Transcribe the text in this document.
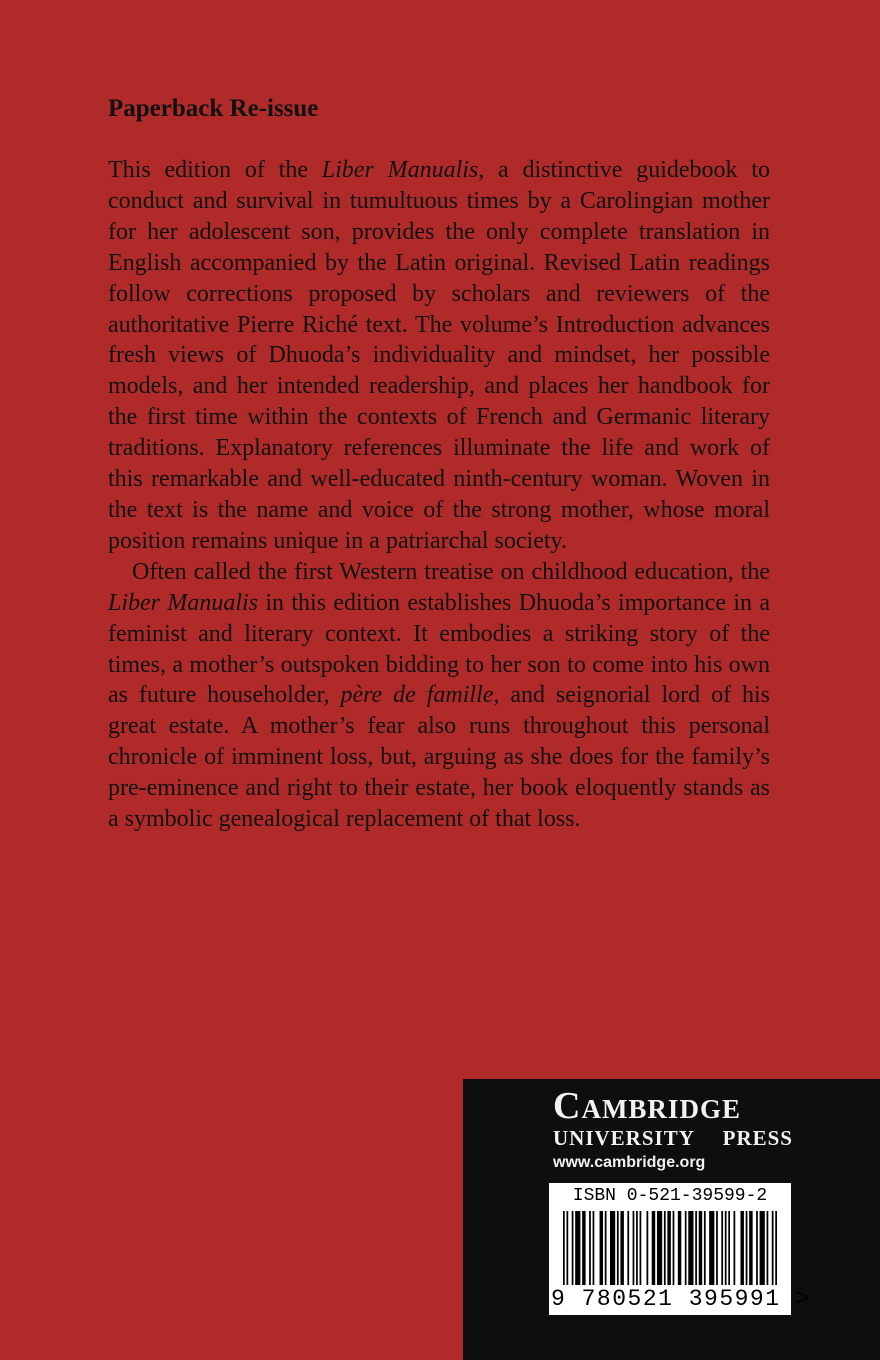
Paperback Re-issue

This edition of the Liber Manualis, a distinctive guidebook to conduct and survival in tumultuous times by a Carolingian mother for her adolescent son, provides the only complete translation in English accompanied by the Latin original. Revised Latin readings follow corrections proposed by scholars and reviewers of the authoritative Pierre Riché text. The volume’s Introduction advances fresh views of Dhuoda’s individuality and mindset, her possible models, and her intended readership, and places her handbook for the first time within the contexts of French and Germanic literary traditions. Explanatory references illuminate the life and work of this remarkable and well-educated ninth-century woman. Woven in the text is the name and voice of the strong mother, whose moral position remains unique in a patriarchal society.

Often called the first Western treatise on childhood education, the Liber Manualis in this edition establishes Dhuoda’s importance in a feminist and literary context. It embodies a striking story of the times, a mother’s outspoken bidding to her son to come into his own as future householder, père de famille, and seignorial lord of his great estate. A mother’s fear also runs throughout this personal chronicle of imminent loss, but, arguing as she does for the family’s pre-eminence and right to their estate, her book eloquently stands as a symbolic genealogical replacement of that loss.

Cambridge
UNIVERSITY PRESS
www.cambridge.org
ISBN 0-521-39599-2
9 780521 395991 >
